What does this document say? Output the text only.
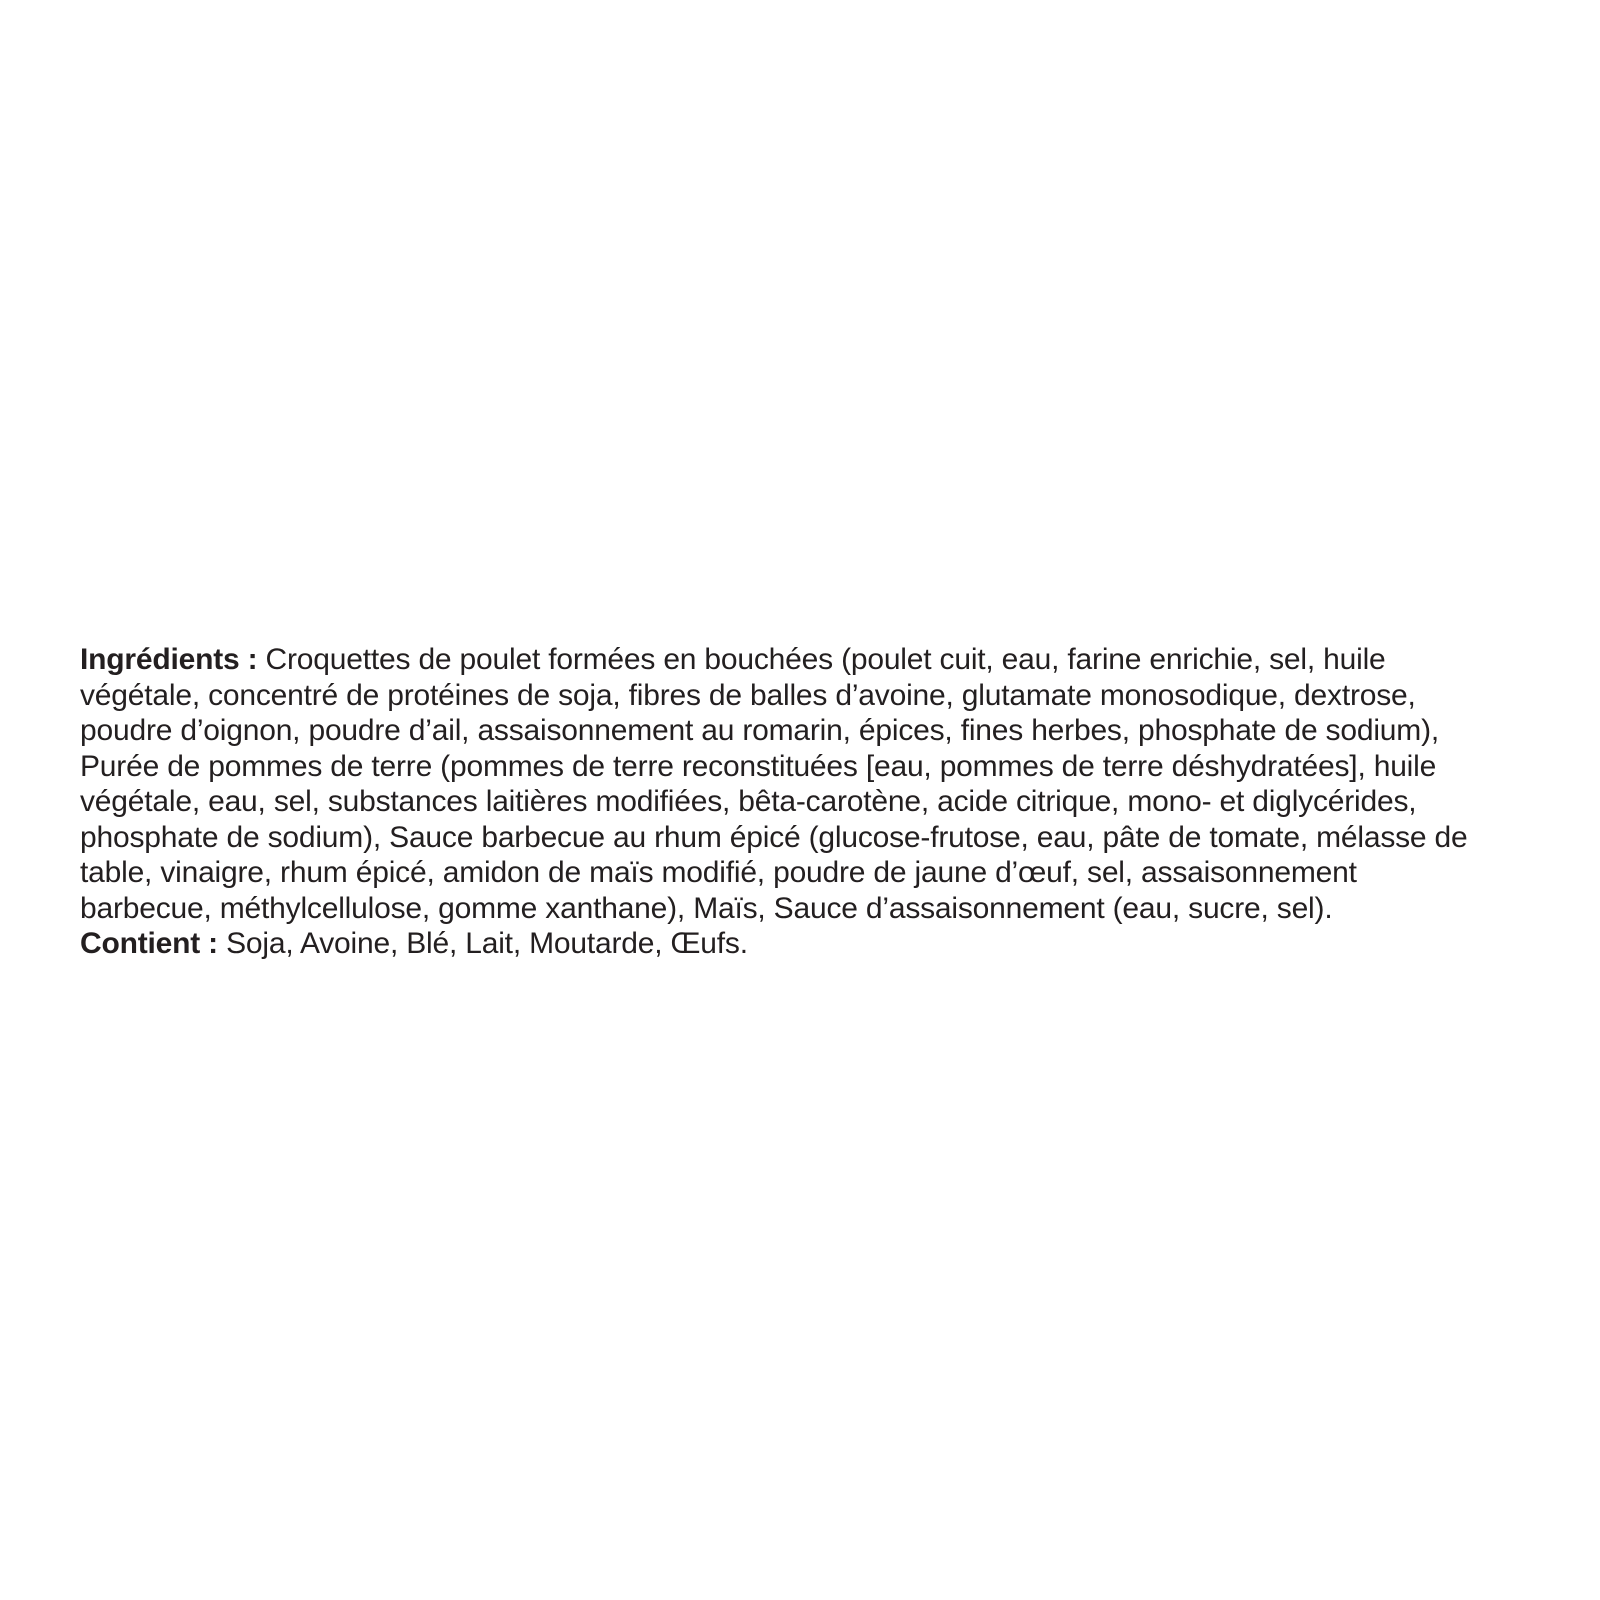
Ingrédients : Croquettes de poulet formées en bouchées (poulet cuit, eau, farine enrichie, sel, huile
végétale, concentré de protéines de soja, fibres de balles d’avoine, glutamate monosodique, dextrose,
poudre d’oignon, poudre d’ail, assaisonnement au romarin, épices, fines herbes, phosphate de sodium),
Purée de pommes de terre (pommes de terre reconstituées [eau, pommes de terre déshydratées], huile
végétale, eau, sel, substances laitières modifiées, bêta-carotène, acide citrique, mono- et diglycérides,
phosphate de sodium), Sauce barbecue au rhum épicé (glucose-frutose, eau, pâte de tomate, mélasse de
table, vinaigre, rhum épicé, amidon de maïs modifié, poudre de jaune d’œuf, sel, assaisonnement
barbecue, méthylcellulose, gomme xanthane), Maïs, Sauce d’assaisonnement (eau, sucre, sel).
Contient : Soja, Avoine, Blé, Lait, Moutarde, Œufs.
